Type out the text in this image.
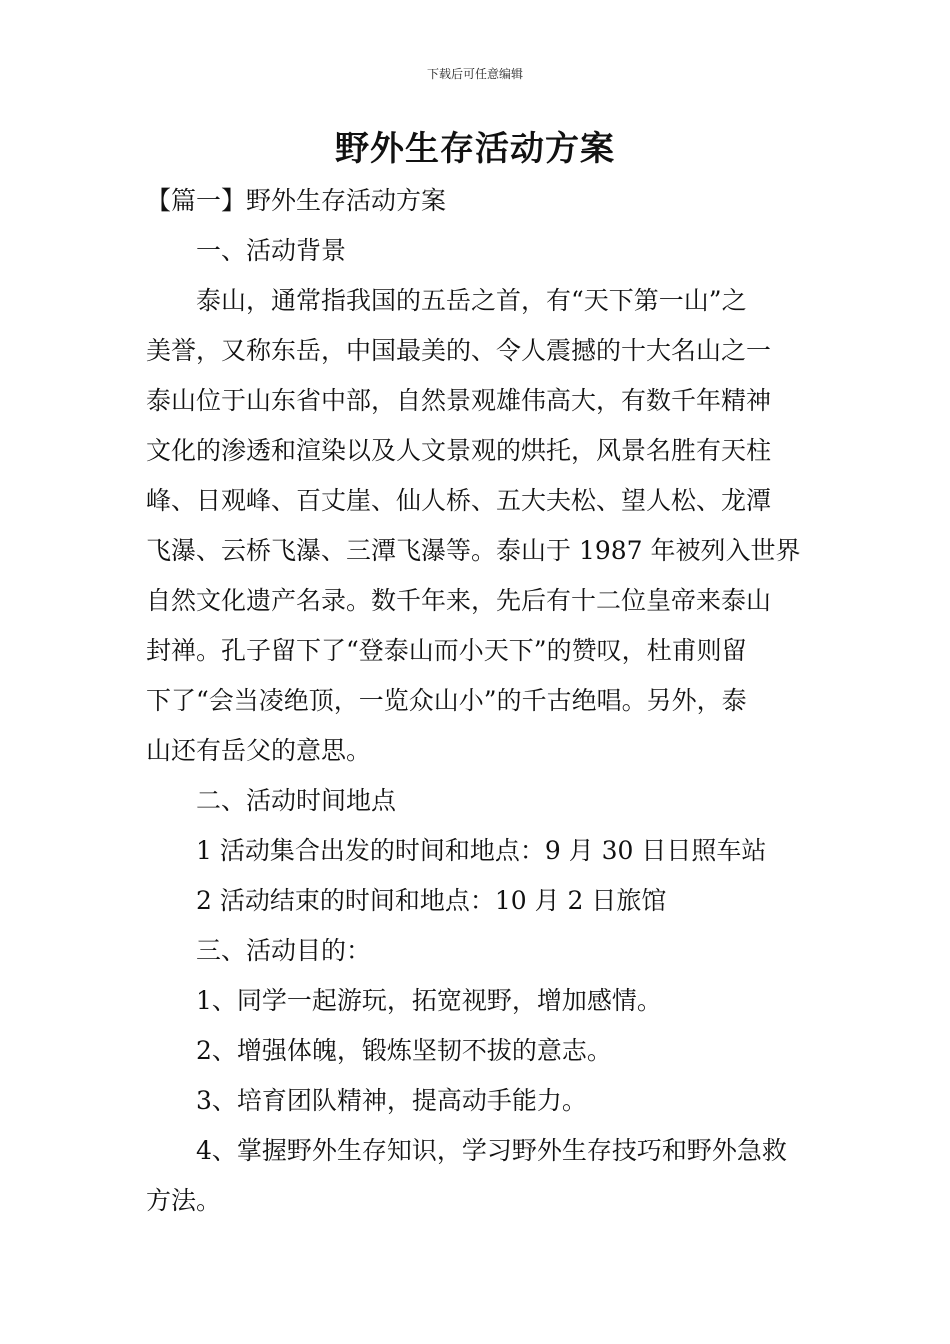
下载后可任意编辑
野外生存活动方案
【篇一】野外生存活动方案
一、活动背景
泰山，通常指我国的五岳之首，有“天下第一山”之
美誉，又称东岳，中国最美的、令人震撼的十大名山之一
泰山位于山东省中部，自然景观雄伟高大，有数千年精神
文化的渗透和渲染以及人文景观的烘托，风景名胜有天柱
峰、日观峰、百丈崖、仙人桥、五大夫松、望人松、龙潭
飞瀑、云桥飞瀑、三潭飞瀑等。泰山于 1987 年被列入世界
自然文化遗产名录。数千年来，先后有十二位皇帝来泰山
封禅。孔子留下了“登泰山而小天下”的赞叹，杜甫则留
下了“会当凌绝顶，一览众山小”的千古绝唱。另外，泰
山还有岳父的意思。
二、活动时间地点
1 活动集合出发的时间和地点：9 月 30 日日照车站
2 活动结束的时间和地点：10 月 2 日旅馆
三、活动目的：
1、同学一起游玩，拓宽视野，增加感情。
2、增强体魄，锻炼坚韧不拔的意志。
3、培育团队精神，提高动手能力。
4、掌握野外生存知识，学习野外生存技巧和野外急救
方法。
